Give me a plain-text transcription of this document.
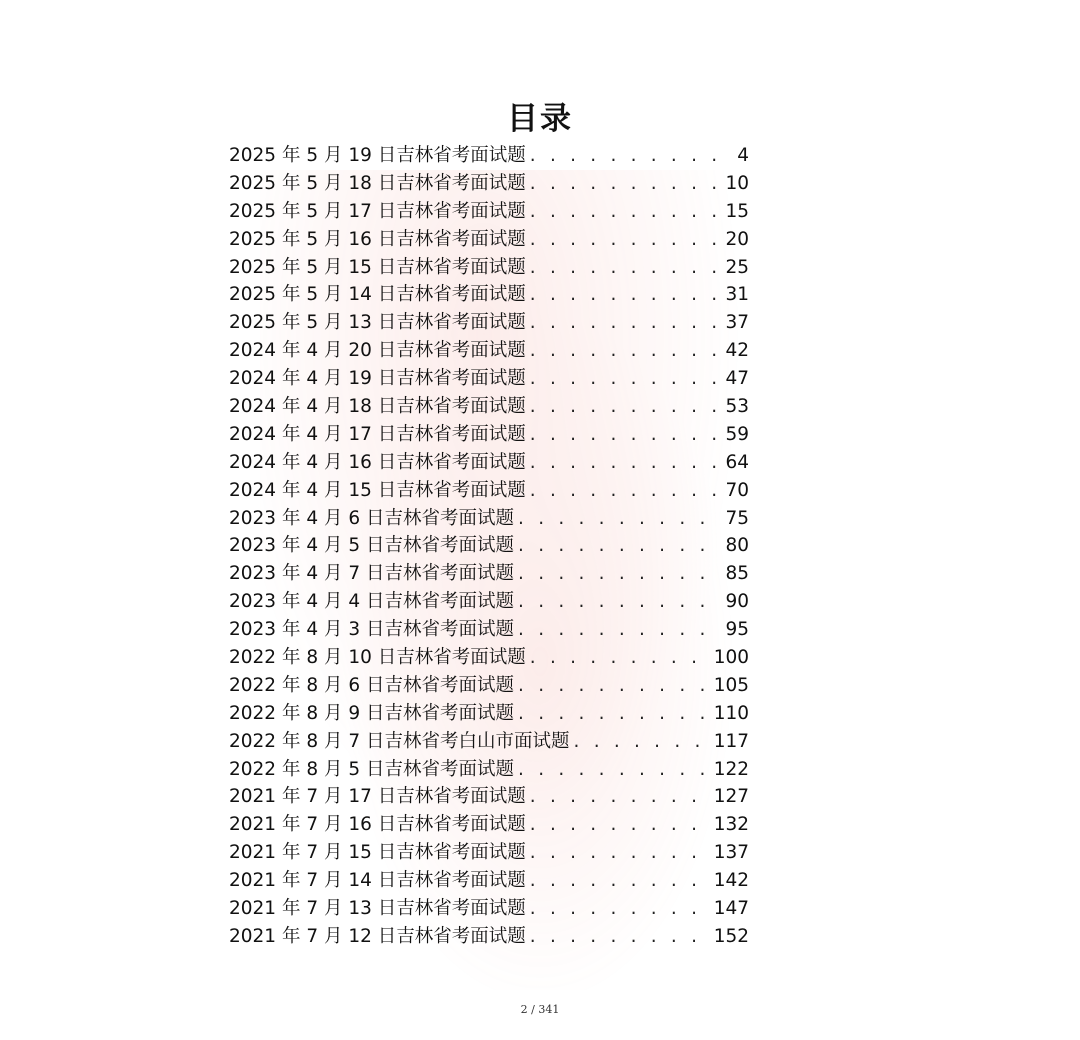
目录
2025 年 5 月 19 日吉林省考面试题 . . .	4
2025 年 5 月 18 日吉林省考面试题 . . .	10
2025 年 5 月 17 日吉林省考面试题 . . .	15
2025 年 5 月 16 日吉林省考面试题 . . .	20
2025 年 5 月 15 日吉林省考面试题 . . .	25
2025 年 5 月 14 日吉林省考面试题 . . .	31
2025 年 5 月 13 日吉林省考面试题 . . .	37
2024 年 4 月 20 日吉林省考面试题 . . .	42
2024 年 4 月 19 日吉林省考面试题 . . .	47
2024 年 4 月 18 日吉林省考面试题 . . .	53
2024 年 4 月 17 日吉林省考面试题 . . .	59
2024 年 4 月 16 日吉林省考面试题 . . .	64
2024 年 4 月 15 日吉林省考面试题 . . .	70
2023 年 4 月 6 日吉林省考面试题 . . .	75
2023 年 4 月 5 日吉林省考面试题 . . .	80
2023 年 4 月 7 日吉林省考面试题 . . .	85
2023 年 4 月 4 日吉林省考面试题 . . .	90
2023 年 4 月 3 日吉林省考面试题 . . .	95
2022 年 8 月 10 日吉林省考面试题 . . .	100
2022 年 8 月 6 日吉林省考面试题 . . .	105
2022 年 8 月 9 日吉林省考面试题 . . .	110
2022 年 8 月 7 日吉林省考白山市面试题 . . .	117
2022 年 8 月 5 日吉林省考面试题 . . .	122
2021 年 7 月 17 日吉林省考面试题 . . .	127
2021 年 7 月 16 日吉林省考面试题 . . .	132
2021 年 7 月 15 日吉林省考面试题 . . .	137
2021 年 7 月 14 日吉林省考面试题 . . .	142
2021 年 7 月 13 日吉林省考面试题 . . .	147
2021 年 7 月 12 日吉林省考面试题 . . .	152
2 / 341
